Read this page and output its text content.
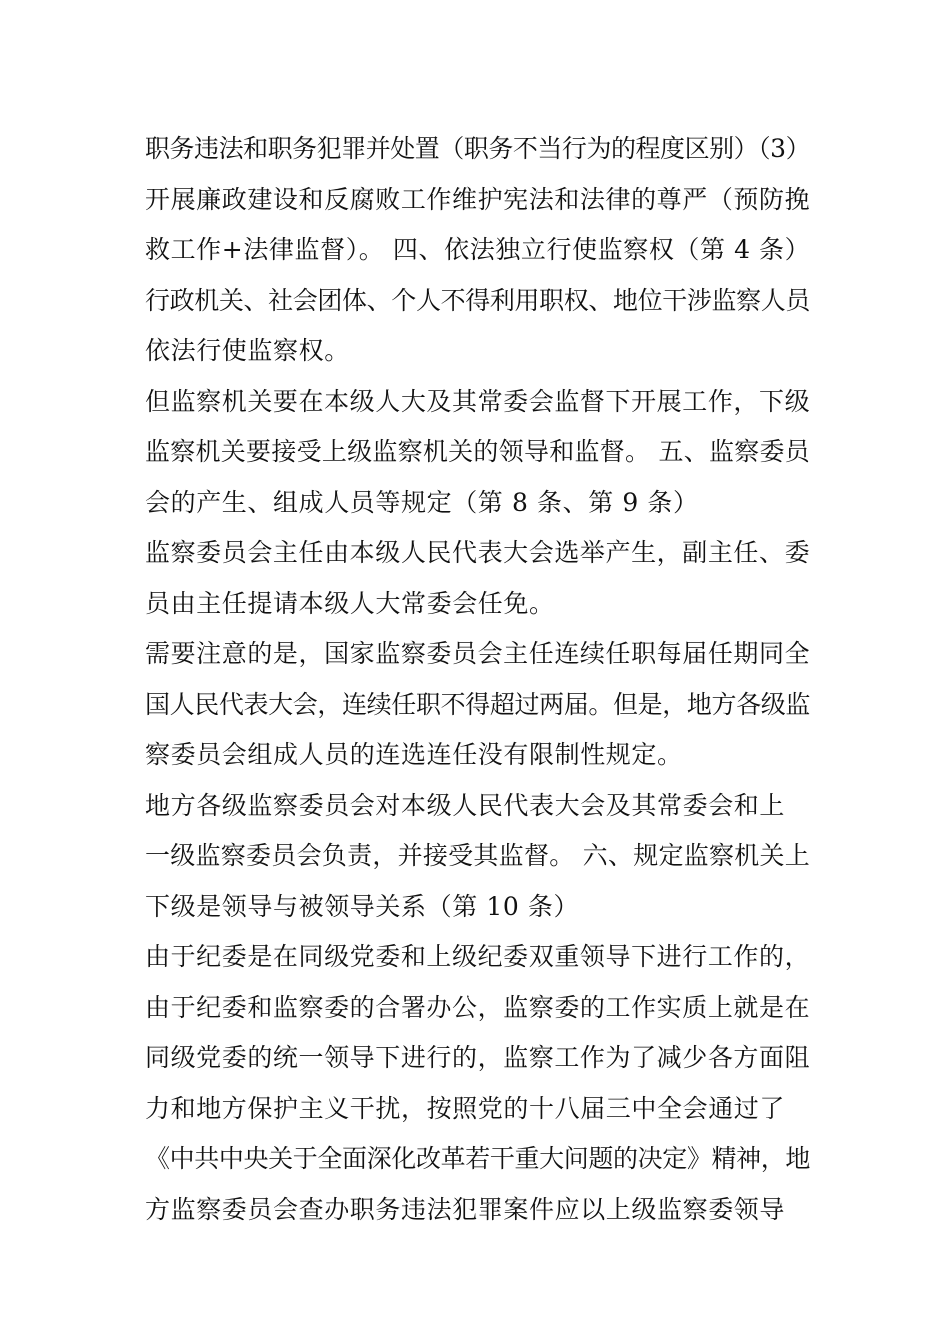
职务违法和职务犯罪并处置（职务不当行为的程度区别）（3）
开展廉政建设和反腐败工作维护宪法和法律的尊严（预防挽
救工作+法律监督）。 四、依法独立行使监察权（第 4 条）
行政机关、社会团体、个人不得利用职权、地位干涉监察人员
依法行使监察权。
但监察机关要在本级人大及其常委会监督下开展工作，下级
监察机关要接受上级监察机关的领导和监督。 五、监察委员
会的产生、组成人员等规定（第 8 条、第 9 条）
监察委员会主任由本级人民代表大会选举产生，副主任、委
员由主任提请本级人大常委会任免。
需要注意的是，国家监察委员会主任连续任职每届任期同全
国人民代表大会，连续任职不得超过两届。但是，地方各级监
察委员会组成人员的连选连任没有限制性规定。
地方各级监察委员会对本级人民代表大会及其常委会和上
一级监察委员会负责，并接受其监督。 六、规定监察机关上
下级是领导与被领导关系（第 10 条）
由于纪委是在同级党委和上级纪委双重领导下进行工作的，
由于纪委和监察委的合署办公，监察委的工作实质上就是在
同级党委的统一领导下进行的，监察工作为了减少各方面阻
力和地方保护主义干扰，按照党的十八届三中全会通过了
《中共中央关于全面深化改革若干重大问题的决定》精神，地
方监察委员会查办职务违法犯罪案件应以上级监察委领导
